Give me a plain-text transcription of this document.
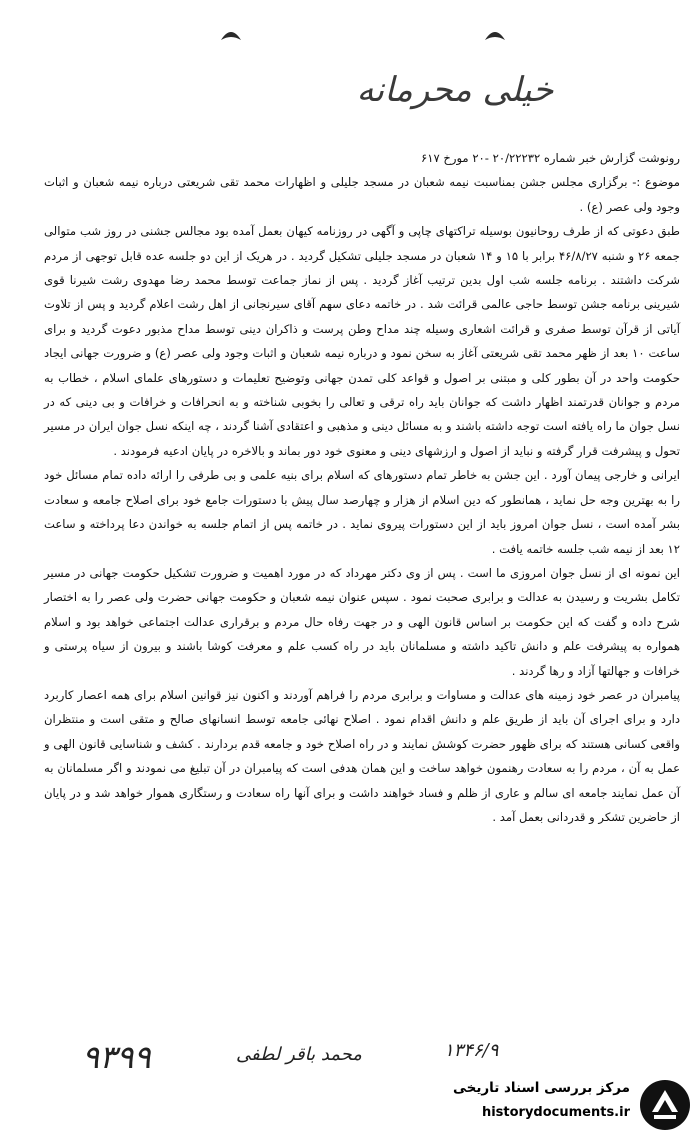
خیلی محرمانه

رونوشت گزارش خبر شماره ۲۰/۲۲۲۳۲ -۲۰ مورخ ۶۱۷

موضوع :- برگزاری مجلس جشن بمناسبت نیمه شعبان در مسجد جلیلی و اظهارات محمد تقی شریعتی درباره نیمه شعبان و اثبات وجود ولی عصر (ع) .

طبق دعوتی که از طرف روحانیون بوسیله تراکتهای چاپی و آگهی در روزنامه کیهان بعمل آمده بود مجالس جشنی در روز شب متوالی جمعه ۲۶ و شنبه ۴۶/۸/۲۷ برابر با ۱۵ و ۱۴ شعبان در مسجد جلیلی تشکیل گردید . در هریک از این دو جلسه عده قابل توجهی از مردم شرکت داشتند . برنامه جلسه شب اول بدین ترتیب آغاز گردید . پس از نماز جماعت توسط محمد رضا مهدوی رشت شیرنا قوی شیرینی برنامه جشن توسط حاجی عالمی قرائت شد . در خاتمه دعای سهم آقای سیرنجانی از اهل رشت اعلام گردید و پس از تلاوت آیاتی از قرآن توسط صفری و قرائت اشعاری وسیله چند مداح وطن پرست و ذاکران دینی توسط مداح مذبور دعوت گردید و برای ساعت ۱۰ بعد از ظهر محمد تقی شریعتی آغاز به سخن نمود و درباره نیمه شعبان و اثبات وجود ولی عصر (ع) و ضرورت جهانی ایجاد حکومت واحد در آن بطور کلی و مبتنی بر اصول و قواعد کلی تمدن جهانی وتوضیح تعلیمات و دستورهای علمای اسلام ، خطاب به مردم و جوانان قدرتمند اظهار داشت که جوانان باید راه ترقی و تعالی را بخوبی شناخته و به انحرافات و خرافات و بی دینی که در نسل جوان ما راه یافته است توجه داشته باشند و به مسائل دینی و مذهبی و اعتقادی آشنا گردند ، چه اینکه نسل جوان ایران در مسیر تحول و پیشرفت قرار گرفته و نباید از اصول و ارزشهای دینی و معنوی خود دور بماند و بالاخره در پایان ادعیه فرمودند .

ایرانی و خارجی پیمان آورد . این جشن به خاطر تمام دستورهای که اسلام برای بنیه علمی و بی طرفی را ارائه داده تمام مسائل خود را به بهترین وجه حل نماید ، همانطور که دین اسلام از هزار و چهارصد سال پیش با دستورات جامع خود برای اصلاح جامعه و سعادت بشر آمده است ، نسل جوان امروز باید از این دستورات پیروی نماید . در خاتمه پس از اتمام جلسه به خواندن دعا پرداخته و ساعت ۱۲ بعد از نیمه شب جلسه خاتمه یافت .

این نمونه ای از نسل جوان امروزی ما است . پس از وی دکتر مهرداد که در مورد اهمیت و ضرورت تشکیل حکومت جهانی در مسیر تکامل بشریت و رسیدن به عدالت و برابری صحبت نمود . سپس عنوان نیمه شعبان و حکومت جهانی حضرت ولی عصر را به اختصار شرح داده و گفت که این حکومت بر اساس قانون الهی و در جهت رفاه حال مردم و برقراری عدالت اجتماعی خواهد بود و اسلام همواره به پیشرفت علم و دانش تاکید داشته و مسلمانان باید در راه کسب علم و معرفت کوشا باشند و بیرون از سیاه پرستی و خرافات و جهالتها آزاد و رها گردند .

پیامبران در عصر خود زمینه های عدالت و مساوات و برابری مردم را فراهم آوردند و اکنون نیز قوانین اسلام برای همه اعصار کاربرد دارد و برای اجرای آن باید از طریق علم و دانش اقدام نمود . اصلاح نهائی جامعه توسط انسانهای صالح و متقی است و منتظران واقعی کسانی هستند که برای ظهور حضرت کوشش نمایند و در راه اصلاح خود و جامعه قدم بردارند . کشف و شناسایی قانون الهی و عمل به آن ، مردم را به سعادت رهنمون خواهد ساخت و این همان هدفی است که پیامبران در آن تبلیغ می نمودند و اگر مسلمانان به آن عمل نمایند جامعه ای سالم و عاری از ظلم و فساد خواهند داشت و برای آنها راه سعادت و رستگاری هموار خواهد شد و در پایان از حاضرین تشکر و قدردانی بعمل آمد .

۹۳۹۹	محمد باقر لطفی	۱۳۴۶/۹
مرکز بررسی اسناد تاریخی
historydocuments.ir
